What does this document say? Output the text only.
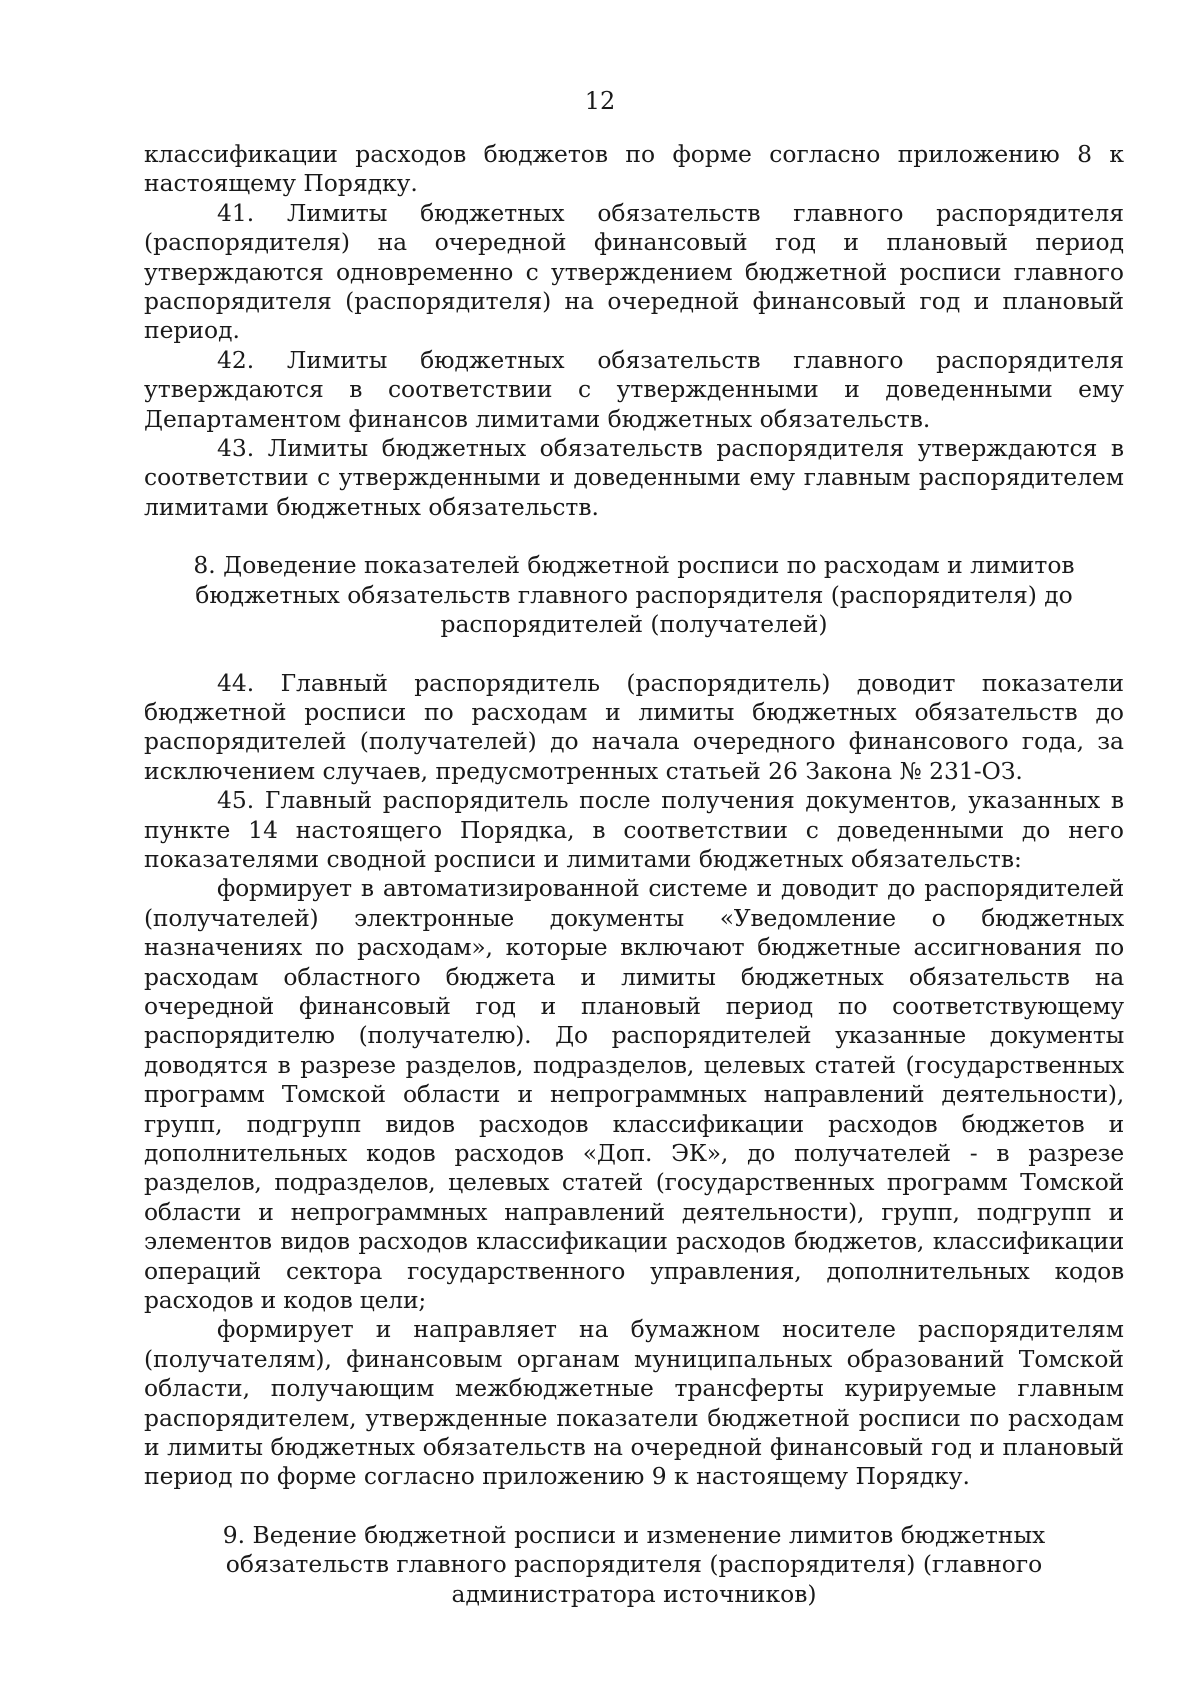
12

классификации расходов бюджетов по форме согласно приложению 8 к настоящему Порядку.

41. Лимиты бюджетных обязательств главного распорядителя (распорядителя) на очередной финансовый год и плановый период утверждаются одновременно с утверждением бюджетной росписи главного распорядителя (распорядителя) на очередной финансовый год и плановый период.

42. Лимиты бюджетных обязательств главного распорядителя утверждаются в соответствии с утвержденными и доведенными ему Департаментом финансов лимитами бюджетных обязательств.

43. Лимиты бюджетных обязательств распорядителя утверждаются в соответствии с утвержденными и доведенными ему главным распорядителем лимитами бюджетных обязательств.

8. Доведение показателей бюджетной росписи по расходам и лимитов бюджетных обязательств главного распорядителя (распорядителя) до распорядителей (получателей)

44. Главный распорядитель (распорядитель) доводит показатели бюджетной росписи по расходам и лимиты бюджетных обязательств до распорядителей (получателей) до начала очередного финансового года, за исключением случаев, предусмотренных статьей 26 Закона № 231-ОЗ.

45. Главный распорядитель после получения документов, указанных в пункте 14 настоящего Порядка, в соответствии с доведенными до него показателями сводной росписи и лимитами бюджетных обязательств:

формирует в автоматизированной системе и доводит до распорядителей (получателей) электронные документы «Уведомление о бюджетных назначениях по расходам», которые включают бюджетные ассигнования по расходам областного бюджета и лимиты бюджетных обязательств на очередной финансовый год и плановый период по соответствующему распорядителю (получателю). До распорядителей указанные документы доводятся в разрезе разделов, подразделов, целевых статей (государственных программ Томской области и непрограммных направлений деятельности), групп, подгрупп видов расходов классификации расходов бюджетов и дополнительных кодов расходов «Доп. ЭК», до получателей - в разрезе разделов, подразделов, целевых статей (государственных программ Томской области и непрограммных направлений деятельности), групп, подгрупп и элементов видов расходов классификации расходов бюджетов, классификации операций сектора государственного управления, дополнительных кодов расходов и кодов цели;

формирует и направляет на бумажном носителе распорядителям (получателям), финансовым органам муниципальных образований Томской области, получающим межбюджетные трансферты курируемые главным распорядителем, утвержденные показатели бюджетной росписи по расходам и лимиты бюджетных обязательств на очередной финансовый год и плановый период по форме согласно приложению 9 к настоящему Порядку.

9. Ведение бюджетной росписи и изменение лимитов бюджетных обязательств главного распорядителя (распорядителя) (главного администратора источников)
